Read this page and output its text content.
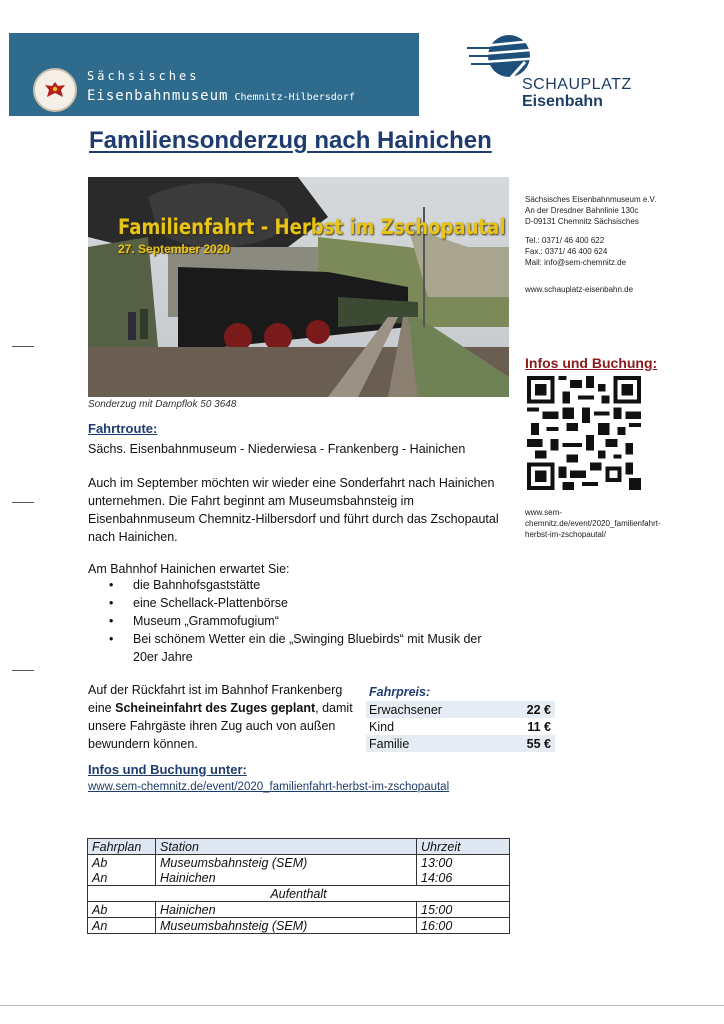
Sächsisches
Eisenbahnmuseum Chemnitz-Hilbersdorf
SCHAUPLATZ
Eisenbahn
Familiensonderzug nach Hainichen
Familienfahrt - Herbst im Zschopautal
27. September 2020
Sonderzug mit Dampflok 50 3648
Sächsisches Eisenbahnmuseum e.V.
An der Dresdner Bahnlinie 130c
D-09131 Chemnitz Sächsisches
Tel.: 0371/ 46 400 622
Fax.: 0371/ 46 400 624
Mail: info@sem-chemnitz.de
www.schauplatz-eisenbahn.de
Infos und Buchung:
www.sem-
chemnitz.de/event/2020_familienfahrt-
herbst-im-zschopautal/
Fahrtroute:
Sächs. Eisenbahnmuseum - Niederwiesa - Frankenberg - Hainichen
Auch im September möchten wir wieder eine Sonderfahrt nach Hainichen
unternehmen. Die Fahrt beginnt am Museumsbahnsteig im
Eisenbahnmuseum Chemnitz-Hilbersdorf und führt durch das Zschopautal
nach Hainichen.
Am Bahnhof Hainichen erwartet Sie:
• die Bahnhofsgaststätte
• eine Schellack-Plattenbörse
• Museum „Grammofugium“
• Bei schönem Wetter ein die „Swinging Bluebirds“ mit Musik der 20er Jahre
Auf der Rückfahrt ist im Bahnhof Frankenberg eine Scheineinfahrt des Zuges geplant, damit unsere Fahrgäste ihren Zug auch von außen bewundern können.
Fahrpreis:
Erwachsener	22 €
Kind	11 €
Familie	55 €
Infos und Buchung unter:
www.sem-chemnitz.de/event/2020_familienfahrt-herbst-im-zschopautal
Fahrplan	Station	Uhrzeit
Ab	Museumsbahnsteig (SEM)	13:00
An	Hainichen	14:06
Aufenthalt		
Ab	Hainichen	15:00
An	Museumsbahnsteig (SEM)	16:00
